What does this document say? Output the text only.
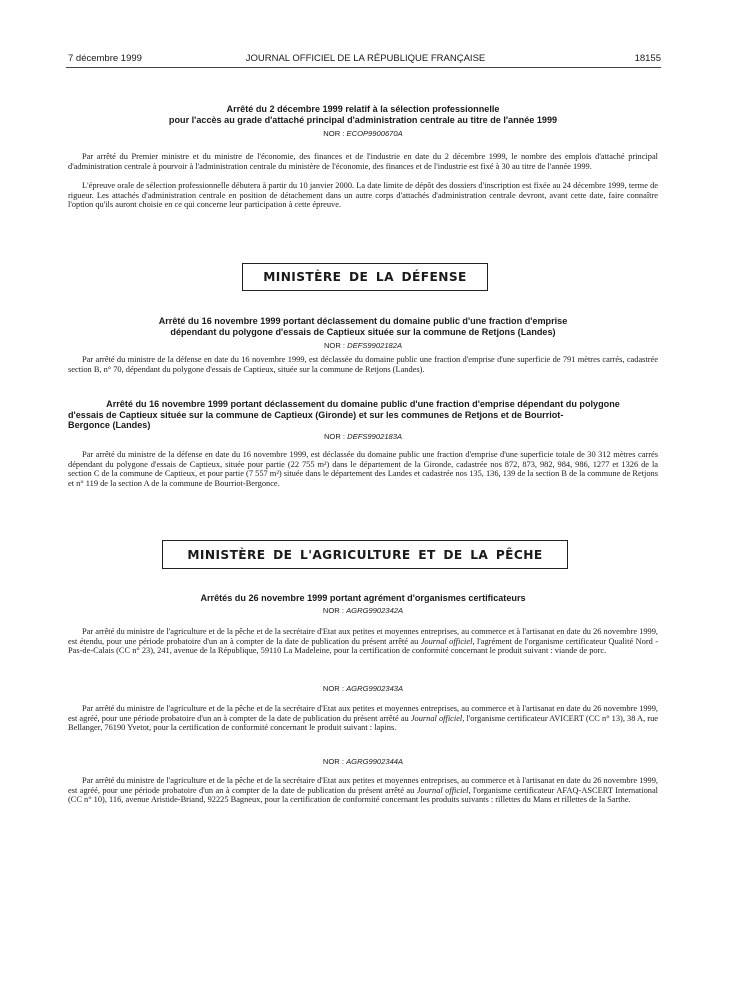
7 décembre 1999	JOURNAL OFFICIEL DE LA RÉPUBLIQUE FRANÇAISE	18155
Arrêté du 2 décembre 1999 relatif à la sélection professionnelle
pour l'accès au grade d'attaché principal d'administration centrale au titre de l'année 1999
NOR : ECOP9900670A

Par arrêté du Premier ministre et du ministre de l'économie, des finances et de l'industrie en date du 2 décembre 1999, le nombre des emplois d'attaché principal d'administration centrale à pourvoir à l'administration centrale du ministère de l'économie, des finances et de l'industrie est fixé à 30 au titre de l'année 1999.

L'épreuve orale de sélection professionnelle débutera à partir du 10 janvier 2000. La date limite de dépôt des dossiers d'inscription est fixée au 24 décembre 1999, terme de rigueur. Les attachés d'administration centrale en position de détachement dans un autre corps d'attachés d'administration centrale devront, avant cette date, faire connaître l'option qu'ils auront choisie en ce qui concerne leur participation à cette épreuve.

MINISTÈRE DE LA DÉFENSE
Arrêté du 16 novembre 1999 portant déclassement du domaine public d'une fraction d'emprise
dépendant du polygone d'essais de Captieux située sur la commune de Retjons (Landes)
NOR : DEFS9902182A

Par arrêté du ministre de la défense en date du 16 novembre 1999, est déclassée du domaine public une fraction d'emprise d'une superficie de 791 mètres carrés, cadastrée section B, n° 70, dépendant du polygone d'essais de Captieux, située sur la commune de Retjons (Landes).

Arrêté du 16 novembre 1999 portant déclassement du domaine public d'une fraction d'emprise dépendant du polygone
d'essais de Captieux située sur la commune de Captieux (Gironde) et sur les communes de Retjons et de Bourriot-
Bergonce (Landes)
NOR : DEFS9902183A

Par arrêté du ministre de la défense en date du 16 novembre 1999, est déclassée du domaine public une fraction d'emprise d'une superficie totale de 30 312 mètres carrés dépendant du polygone d'essais de Captieux, située pour partie (22 755 m²) dans le département de la Gironde, cadastrée nos 872, 873, 982, 984, 986, 1277 et 1326 de la section C de la commune de Captieux, et pour partie (7 557 m²) située dans le département des Landes et cadastrée nos 135, 136, 139 de la section B de la commune de Retjons et n° 119 de la section A de la commune de Bourriot-Bergonce.

MINISTÈRE DE L'AGRICULTURE ET DE LA PÊCHE
Arrêtés du 26 novembre 1999 portant agrément d'organismes certificateurs
NOR : AGRG9902342A

Par arrêté du ministre de l'agriculture et de la pêche et de la secrétaire d'Etat aux petites et moyennes entreprises, au commerce et à l'artisanat en date du 26 novembre 1999, est étendu, pour une période probatoire d'un an à compter de la date de publication du présent arrêté au Journal officiel, l'agrément de l'organisme certificateur Qualité Nord - Pas-de-Calais (CC n° 23), 241, avenue de la République, 59110 La Madeleine, pour la certification de conformité concernant le produit suivant : viande de porc.

NOR : AGRG9902343A

Par arrêté du ministre de l'agriculture et de la pêche et de la secrétaire d'Etat aux petites et moyennes entreprises, au commerce et à l'artisanat en date du 26 novembre 1999, est agréé, pour une période probatoire d'un an à compter de la date de publication du présent arrêté au Journal officiel, l'organisme certificateur AVICERT (CC n° 13), 38 A, rue Bellanger, 76190 Yvetot, pour la certification de conformité concernant le produit suivant : lapins.

NOR : AGRG9902344A

Par arrêté du ministre de l'agriculture et de la pêche et de la secrétaire d'Etat aux petites et moyennes entreprises, au commerce et à l'artisanat en date du 26 novembre 1999, est agréé, pour une période probatoire d'un an à compter de la date de publication du présent arrêté au Journal officiel, l'organisme certificateur AFAQ-ASCERT International (CC n° 10), 116, avenue Aristide-Briand, 92225 Bagneux, pour la certification de conformité concernant les produits suivants : rillettes du Mans et rillettes de la Sarthe.
